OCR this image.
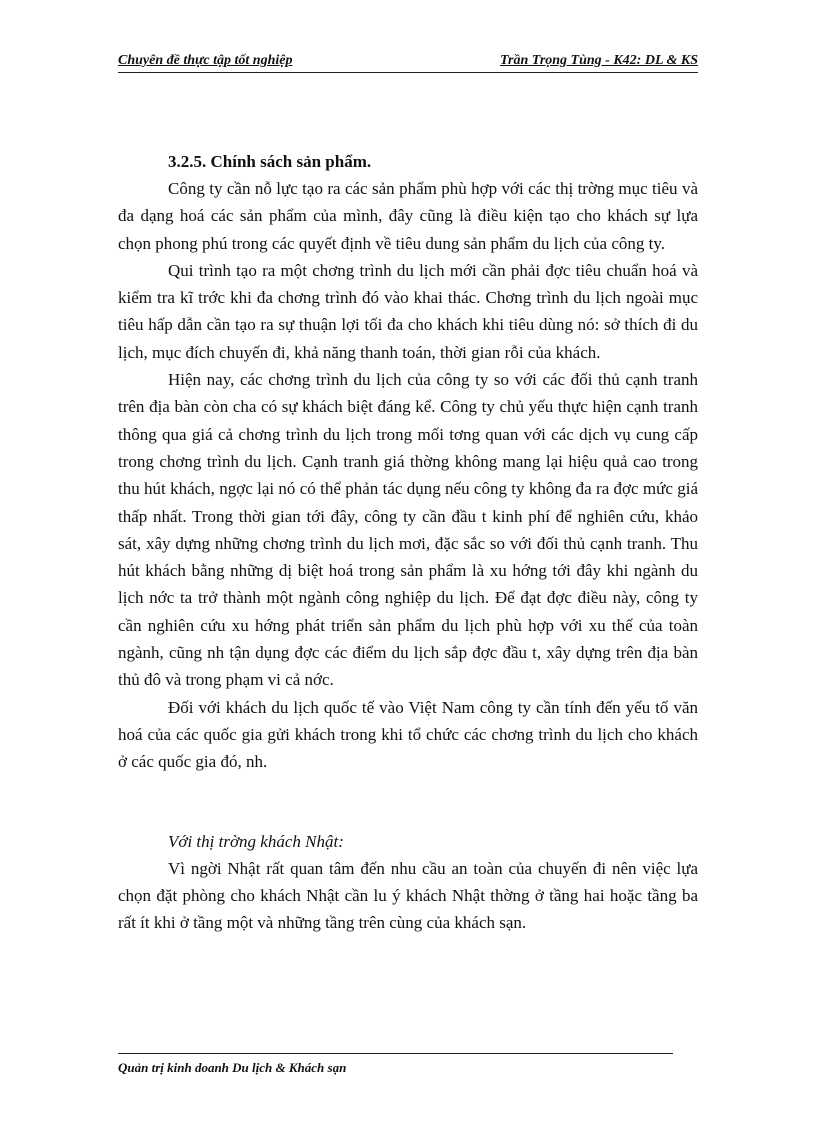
Chuyên đề thực tập tốt nghiệp	Trần Trọng Tùng - K42: DL & KS
3.2.5. Chính sách sản phẩm.

Công ty cần nỗ lực tạo ra các sản phẩm phù hợp với các thị trờng mục tiêu và đa dạng hoá các sản phẩm của mình, đây cũng là điều kiện tạo cho khách sự lựa chọn phong phú trong các quyết định về tiêu dung sản phẩm du lịch của công ty.

Qui trình tạo ra một chơng trình du lịch mới cần phải đợc tiêu chuẩn hoá và kiểm tra kĩ trớc khi đa chơng trình đó vào khai thác. Chơng trình du lịch ngoài mục tiêu hấp dẫn cần tạo ra sự thuận lợi tối đa cho khách khi tiêu dùng nó: sở thích đi du lịch, mục đích chuyến đi, khả năng thanh toán, thời gian rỗi của khách.

Hiện nay, các chơng trình du lịch của công ty so với các đối thủ cạnh tranh trên địa bàn còn cha có sự khách biệt đáng kể. Công ty chủ yếu thực hiện cạnh tranh thông qua giá cả chơng trình du lịch trong mối tơng quan với các dịch vụ cung cấp trong chơng trình du lịch. Cạnh tranh giá thờng không mang lại hiệu quả cao trong thu hút khách, ngợc lại nó có thể phản tác dụng nếu công ty không đa ra đợc mức giá thấp nhất. Trong thời gian tới đây, công ty cần đầu t kinh phí để nghiên cứu, khảo sát, xây dựng những chơng trình du lịch mơi, đặc sắc so với đối thủ cạnh tranh. Thu hút khách bằng những dị biệt hoá trong sản phẩm là xu hớng tới đây khi ngành du lịch nớc ta trở thành một ngành công nghiệp du lịch. Để đạt đợc điều này, công ty cần nghiên cứu xu hớng phát triển sản phẩm du lịch phù hợp với xu thế của toàn ngành, cũng nh tận dụng đợc các điểm du lịch sắp đợc đầu t, xây dựng trên địa bàn thủ đô và trong phạm vi cả nớc.

Đối với khách du lịch quốc tế vào Việt Nam công ty cần tính đến yếu tố văn hoá của các quốc gia gửi khách trong khi tổ chức các chơng trình du lịch cho khách ở các quốc gia đó, nh.

Với thị trờng khách Nhật:

Vì ngời Nhật rất quan tâm đến nhu cầu an toàn của chuyến đi nên việc lựa chọn đặt phòng cho khách Nhật cần lu ý khách Nhật thờng ở tầng hai hoặc tầng ba rất ít khi ở tầng một và những tầng trên cùng của khách sạn.

Quản trị kinh doanh Du lịch & Khách sạn
